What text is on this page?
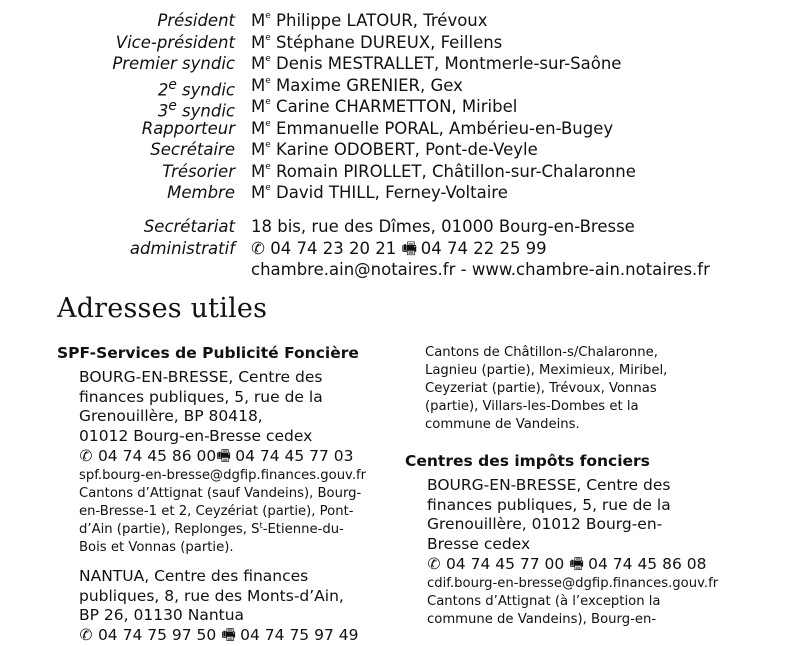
Président Me Philippe LATOUR, Trévoux
Vice-président Me Stéphane DUREUX, Feillens
Premier syndic Me Denis MESTRALLET, Montmerle-sur-Saône
2e syndic Me Maxime GRENIER, Gex
3e syndic Me Carine CHARMETTON, Miribel
Rapporteur Me Emmanuelle PORAL, Ambérieu-en-Bugey
Secrétaire Me Karine ODOBERT, Pont-de-Veyle
Trésorier Me Romain PIROLLET, Châtillon-sur-Chalaronne
Membre Me David THILL, Ferney-Voltaire
Secrétariat 18 bis, rue des Dîmes, 01000 Bourg-en-Bresse
administratif ✆ 04 74 23 20 21 🖷 04 74 22 25 99
chambre.ain@notaires.fr - www.chambre-ain.notaires.fr
Adresses utiles
SPF-Services de Publicité Foncière
BOURG-EN-BRESSE, Centre des
finances publiques, 5, rue de la
Grenouillère, BP 80418,
01012 Bourg-en-Bresse cedex
✆ 04 74 45 86 00🖷 04 74 45 77 03
spf.bourg-en-bresse@dgfip.finances.gouv.fr
Cantons d’Attignat (sauf Vandeins), Bourg-
en-Bresse-1 et 2, Ceyzériat (partie), Pont-
d’Ain (partie), Replonges, $S^t-Etienne-du-$
Bois et Vonnas (partie).
NANTUA, Centre des finances
publiques, 8, rue des Monts-d’Ain,
BP 26, 01130 Nantua
✆ 04 74 75 97 50 🖷 04 74 75 97 49
Cantons de Châtillon-s/Chalaronne,
Lagnieu (partie), Meximieux, Miribel,
Ceyzeriat (partie), Trévoux, Vonnas
(partie), Villars-les-Dombes et la
commune de Vandeins.
Centres des impôts fonciers
BOURG-EN-BRESSE, Centre des
finances publiques, 5, rue de la
Grenouillère, 01012 Bourg-en-
Bresse cedex
✆ 04 74 45 77 00 🖷 04 74 45 86 08
cdif.bourg-en-bresse@dgfip.finances.gouv.fr
Cantons d’Attignat (à l’exception la
commune de Vandeins), Bourg-en-
